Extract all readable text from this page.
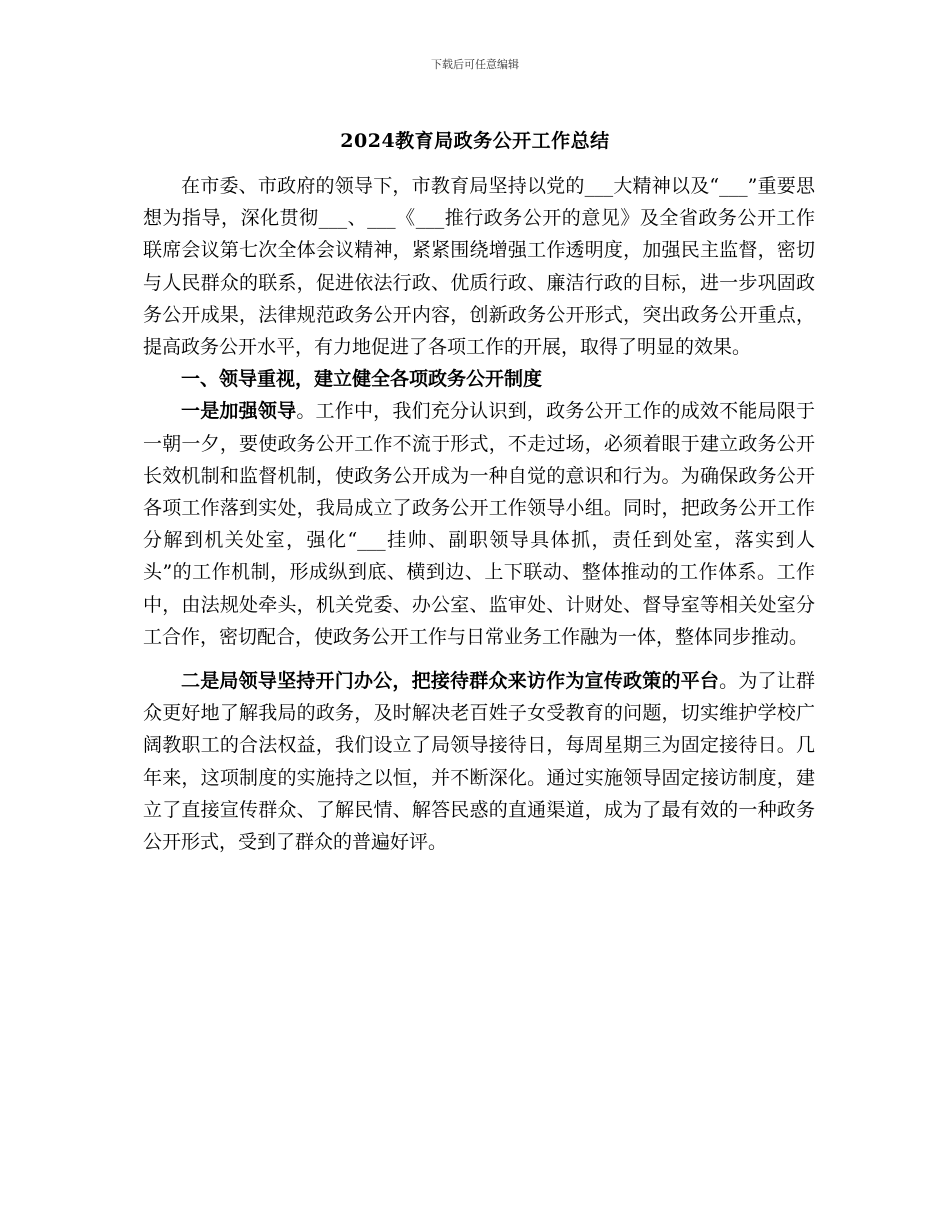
下载后可任意编辑
2024教育局政务公开工作总结

在市委、市政府的领导下，市教育局坚持以党的___大精神以及“___”重要思想为指导，深化贯彻___、___《___推行政务公开的意见》及全省政务公开工作联席会议第七次全体会议精神，紧紧围绕增强工作透明度，加强民主监督，密切与人民群众的联系，促进依法行政、优质行政、廉洁行政的目标，进一步巩固政务公开成果，法律规范政务公开内容，创新政务公开形式，突出政务公开重点，提高政务公开水平，有力地促进了各项工作的开展，取得了明显的效果。

一、领导重视，建立健全各项政务公开制度

一是加强领导。工作中，我们充分认识到，政务公开工作的成效不能局限于一朝一夕，要使政务公开工作不流于形式，不走过场，必须着眼于建立政务公开长效机制和监督机制，使政务公开成为一种自觉的意识和行为。为确保政务公开各项工作落到实处，我局成立了政务公开工作领导小组。同时，把政务公开工作分解到机关处室，强化“___挂帅、副职领导具体抓，责任到处室，落实到人头”的工作机制，形成纵到底、横到边、上下联动、整体推动的工作体系。工作中，由法规处牵头，机关党委、办公室、监审处、计财处、督导室等相关处室分工合作，密切配合，使政务公开工作与日常业务工作融为一体，整体同步推动。

二是局领导坚持开门办公，把接待群众来访作为宣传政策的平台。为了让群众更好地了解我局的政务，及时解决老百姓子女受教育的问题，切实维护学校广阔教职工的合法权益，我们设立了局领导接待日，每周星期三为固定接待日。几年来，这项制度的实施持之以恒，并不断深化。通过实施领导固定接访制度，建立了直接宣传群众、了解民情、解答民惑的直通渠道，成为了最有效的一种政务公开形式，受到了群众的普遍好评。
